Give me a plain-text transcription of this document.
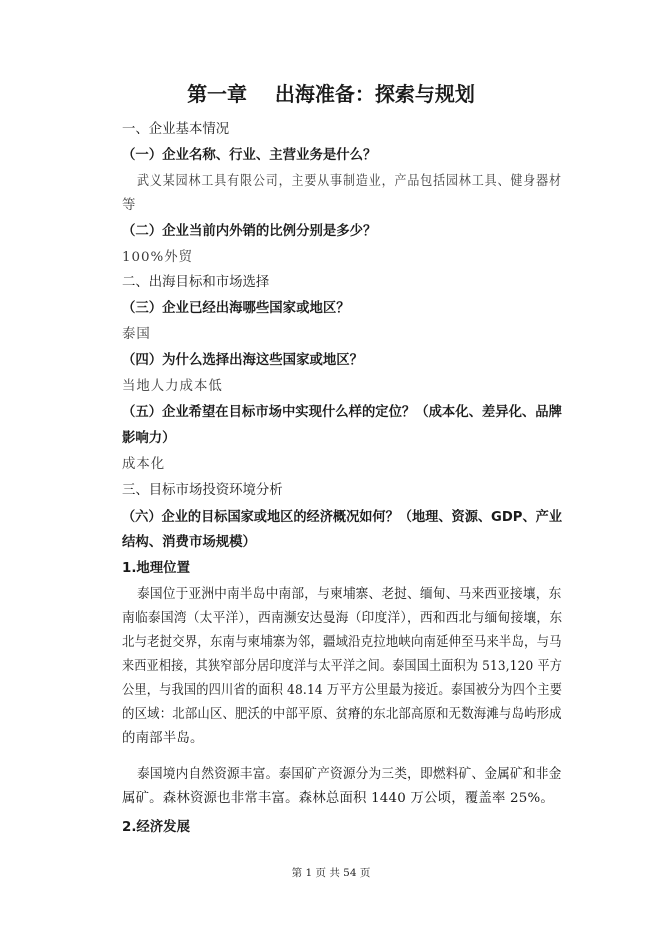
第一章    出海准备：探索与规划
一、企业基本情况
（一）企业名称、行业、主营业务是什么？
武义某园林工具有限公司，主要从事制造业，产品包括园林工具、健身器材
等
（二）企业当前内外销的比例分别是多少？
100%外贸
二、出海目标和市场选择
（三）企业已经出海哪些国家或地区？
泰国
（四）为什么选择出海这些国家或地区？
当地人力成本低
（五）企业希望在目标市场中实现什么样的定位？（成本化、差异化、品牌
影响力）
成本化
三、目标市场投资环境分析
（六）企业的目标国家或地区的经济概况如何？（地理、资源、GDP、产业
结构、消费市场规模）
1.地理位置
泰国位于亚洲中南半岛中南部，与柬埔寨、老挝、缅甸、马来西亚接壤，东
南临泰国湾（太平洋），西南濒安达曼海（印度洋），西和西北与缅甸接壤，东
北与老挝交界，东南与柬埔寨为邻，疆域沿克拉地峡向南延伸至马来半岛，与马
来西亚相接，其狭窄部分居印度洋与太平洋之间。泰国国土面积为 513,120 平方
公里，与我国的四川省的面积 48.14 万平方公里最为接近。泰国被分为四个主要
的区域：北部山区、肥沃的中部平原、贫瘠的东北部高原和无数海滩与岛屿形成
的南部半岛。
泰国境内自然资源丰富。泰国矿产资源分为三类，即燃料矿、金属矿和非金
属矿。森林资源也非常丰富。森林总面积 1440 万公顷，覆盖率 25%。
2.经济发展
第 1 页 共 54 页
